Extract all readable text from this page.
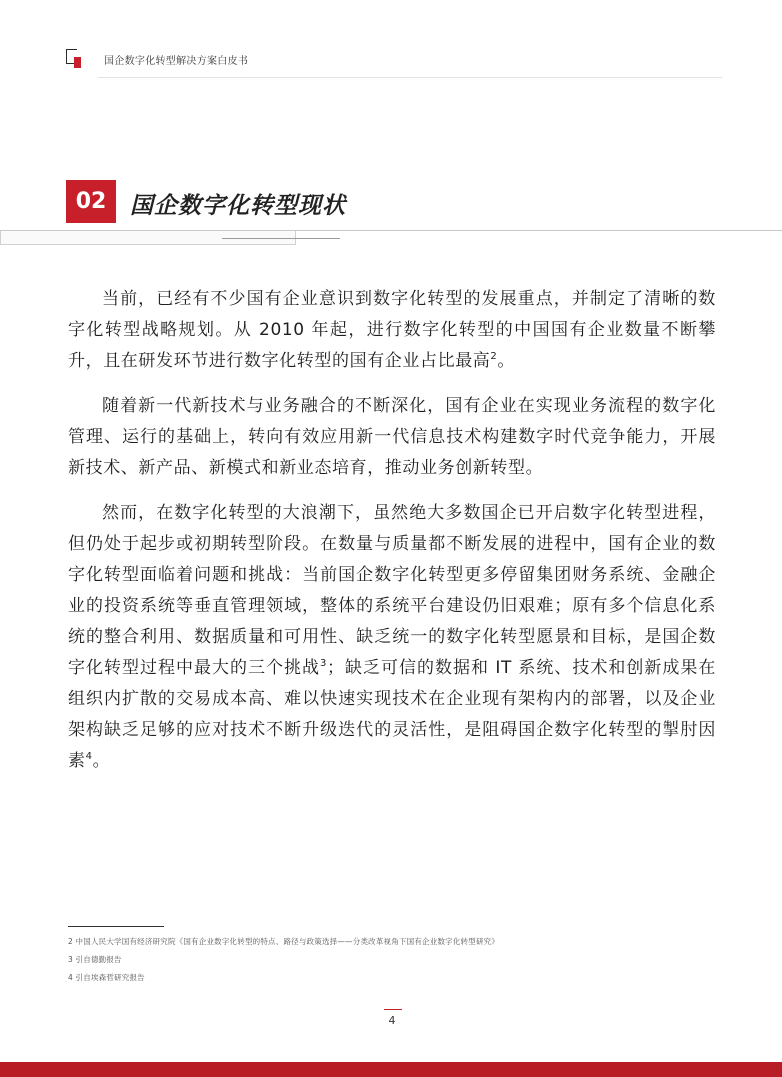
国企数字化转型解决方案白皮书
02	国企数字化转型现状

当前，已经有不少国有企业意识到数字化转型的发展重点，并制定了清晰的数字化转型战略规划。从 2010 年起，进行数字化转型的中国国有企业数量不断攀升，且在研发环节进行数字化转型的国有企业占比最高$^2$。

随着新一代新技术与业务融合的不断深化，国有企业在实现业务流程的数字化管理、运行的基础上，转向有效应用新一代信息技术构建数字时代竞争能力，开展新技术、新产品、新模式和新业态培育，推动业务创新转型。

然而，在数字化转型的大浪潮下，虽然绝大多数国企已开启数字化转型进程，但仍处于起步或初期转型阶段。在数量与质量都不断发展的进程中，国有企业的数字化转型面临着问题和挑战：当前国企数字化转型更多停留集团财务系统、金融企业的投资系统等垂直管理领域，整体的系统平台建设仍旧艰难；原有多个信息化系统的整合利用、数据质量和可用性、缺乏统一的数字化转型愿景和目标，是国企数字化转型过程中最大的三个挑战$^3$；缺乏可信的数据和 IT 系统、技术和创新成果在组织内扩散的交易成本高、难以快速实现技术在企业现有架构内的部署，以及企业架构缺乏足够的应对技术不断升级迭代的灵活性，是阻碍国企数字化转型的掣肘因素$^4$。

2 中国人民大学国有经济研究院《国有企业数字化转型的特点、路径与政策选择——分类改革视角下国有企业数字化转型研究》
3 引自德勤报告
4 引自埃森哲研究报告
4
